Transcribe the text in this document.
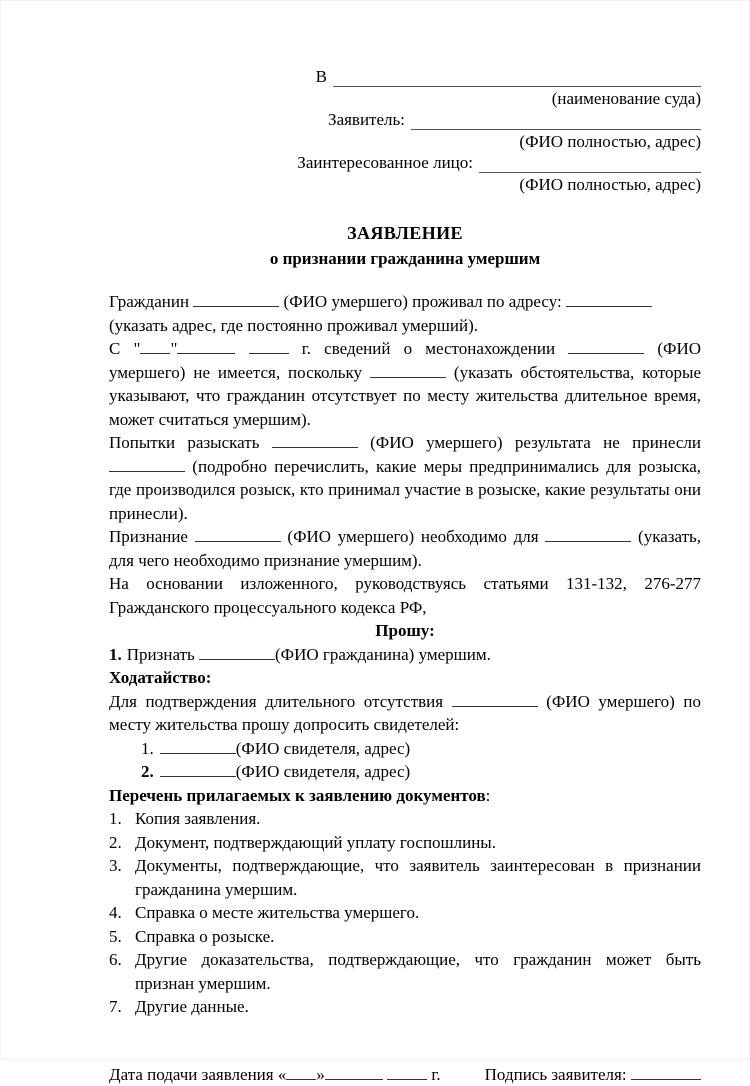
В
(наименование суда)
Заявитель:
(ФИО полностью, адрес)
Заинтересованное лицо:
(ФИО полностью, адрес)
ЗАЯВЛЕНИЕ
о признании гражданина умершим

Гражданин	(ФИО умершего) проживал по адресу:

(указать адрес, где постоянно проживал умерший).

С " "	г. сведений о местонахождении	(ФИО умершего) не имеется, поскольку	(указать обстоятельства, которые указывают, что гражданин отсутствует по месту жительства длительное время, может считаться умершим).

Попытки разыскать	(ФИО умершего) результата не принесли  (подробно перечислить, какие меры предпринимались для розыска, где производился розыск, кто принимал участие в розыске, какие результаты они принесли).

Признание	(ФИО умершего) необходимо для	(указать, для чего необходимо признание умершим).

На основании изложенного, руководствуясь статьями 131-132, 276-277 Гражданского процессуального кодекса РФ,

Прошу:

1. Признать	(ФИО гражданина) умершим.

Ходатайство:

Для подтверждения длительного отсутствия	(ФИО умершего) по месту жительства прошу допросить свидетелей:

1.	(ФИО свидетеля, адрес)

2.	(ФИО свидетеля, адрес)

Перечень прилагаемых к заявлению документов:

1. Копия заявления.
2. Документ, подтверждающий уплату госпошлины.
3. Документы, подтверждающие, что заявитель заинтересован в признании гражданина умершим.
4. Справка о месте жительства умершего.
5. Справка о розыске.
6. Другие доказательства, подтверждающие, что гражданин может быть признан умершим.
7. Другие данные.
Дата подачи заявления « »	г.	Подпись заявителя:
